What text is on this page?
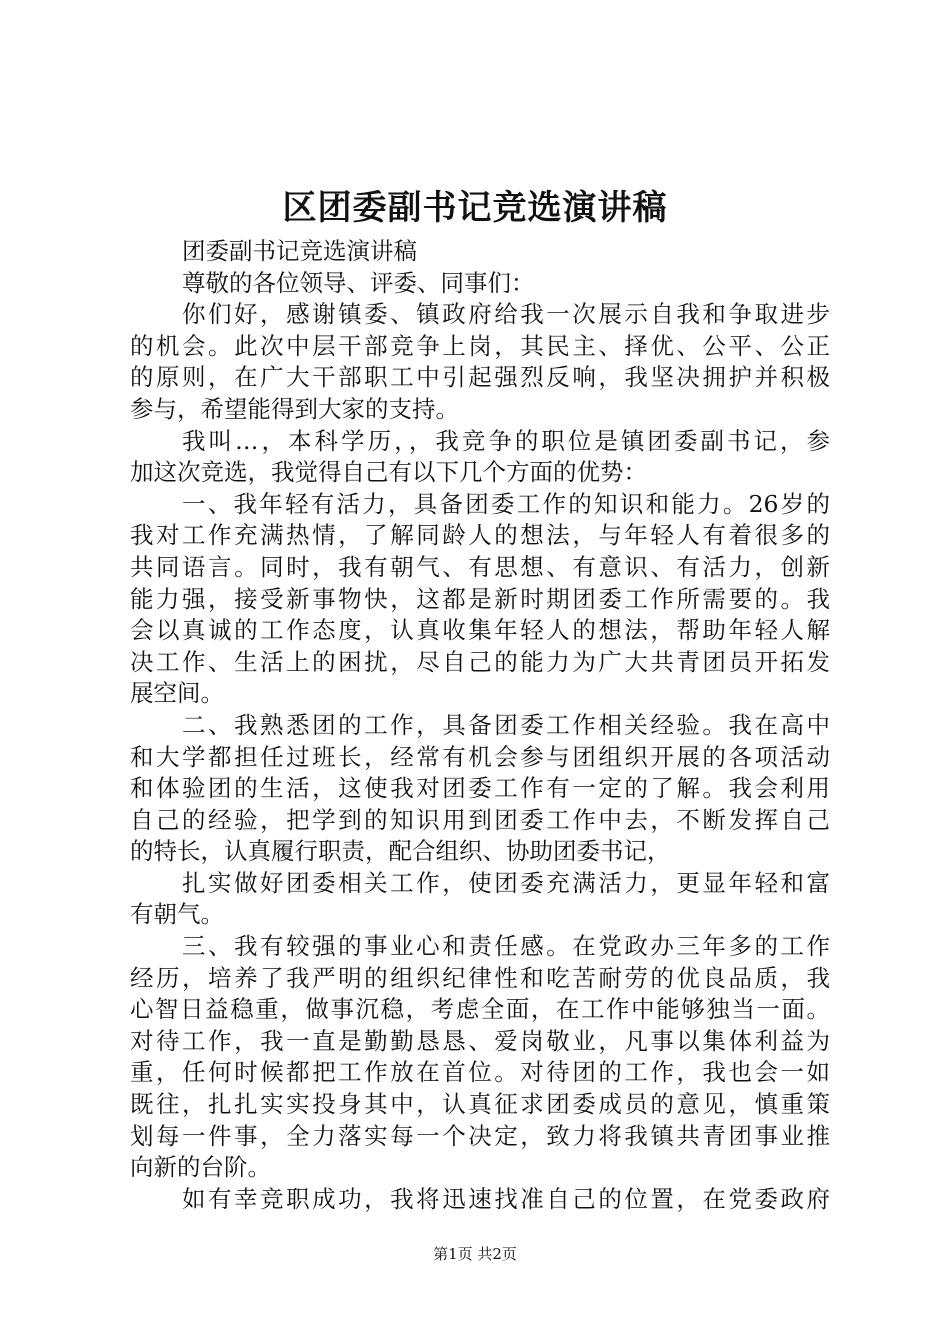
区团委副书记竞选演讲稿
团委副书记竞选演讲稿
尊敬的各位领导、评委、同事们：
你们好，感谢镇委、镇政府给我一次展示自我和争取进步
的机会。此次中层干部竞争上岗，其民主、择优、公平、公正
的原则，在广大干部职工中引起强烈反响，我坚决拥护并积极
参与，希望能得到大家的支持。
我叫…，本科学历，，我竞争的职位是镇团委副书记，参
加这次竞选，我觉得自己有以下几个方面的优势：
一、我年轻有活力，具备团委工作的知识和能力。26岁的
我对工作充满热情，了解同龄人的想法，与年轻人有着很多的
共同语言。同时，我有朝气、有思想、有意识、有活力，创新
能力强，接受新事物快，这都是新时期团委工作所需要的。我
会以真诚的工作态度，认真收集年轻人的想法，帮助年轻人解
决工作、生活上的困扰，尽自己的能力为广大共青团员开拓发
展空间。
二、我熟悉团的工作，具备团委工作相关经验。我在高中
和大学都担任过班长，经常有机会参与团组织开展的各项活动
和体验团的生活，这使我对团委工作有一定的了解。我会利用
自己的经验，把学到的知识用到团委工作中去，不断发挥自己
的特长，认真履行职责，配合组织、协助团委书记，
扎实做好团委相关工作，使团委充满活力，更显年轻和富
有朝气。
三、我有较强的事业心和责任感。在党政办三年多的工作
经历，培养了我严明的组织纪律性和吃苦耐劳的优良品质，我
心智日益稳重，做事沉稳，考虑全面，在工作中能够独当一面。
对待工作，我一直是勤勤恳恳、爱岗敬业，凡事以集体利益为
重，任何时候都把工作放在首位。对待团的工作，我也会一如
既往，扎扎实实投身其中，认真征求团委成员的意见，慎重策
划每一件事，全力落实每一个决定，致力将我镇共青团事业推
向新的台阶。
如有幸竞职成功，我将迅速找准自己的位置，在党委政府
第1页 共2页
